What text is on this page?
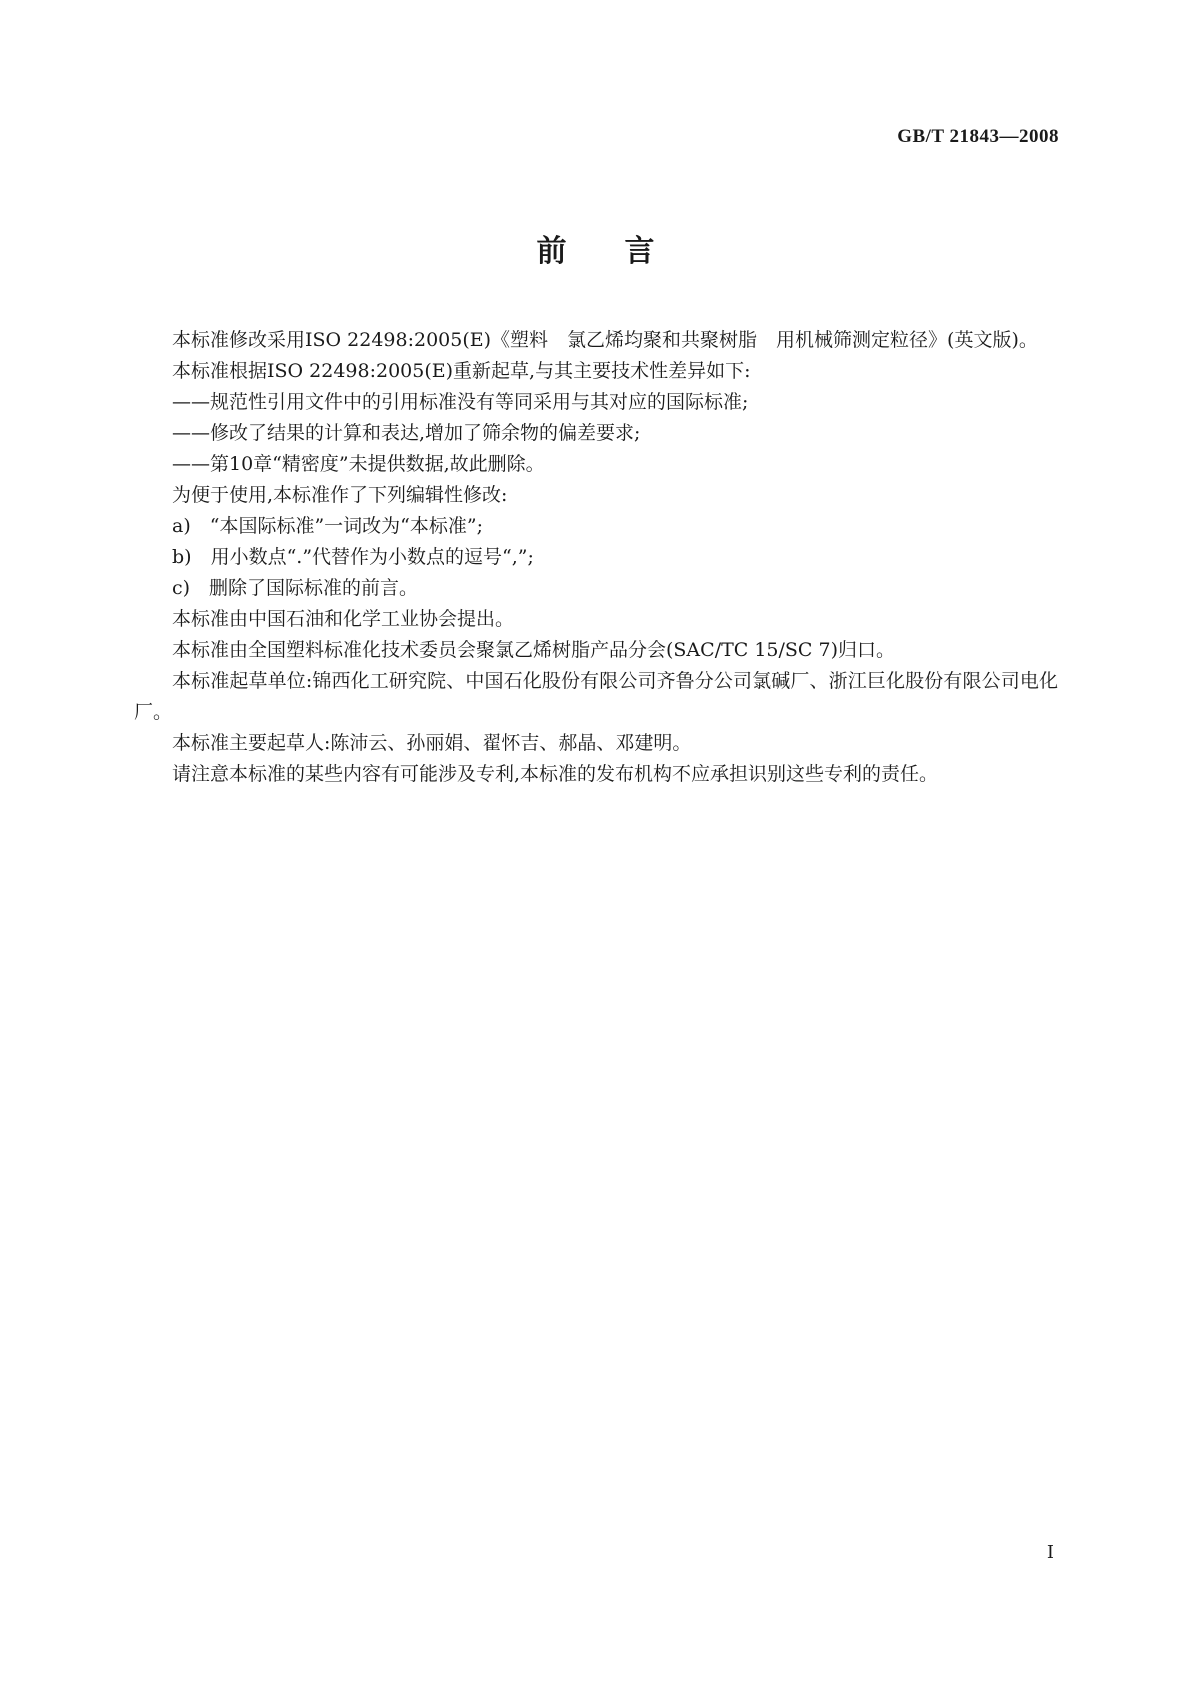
GB/T 21843—2008
前言

本标准修改采用ISO 22498:2005(E)《塑料　氯乙烯均聚和共聚树脂　用机械筛测定粒径》(英文版)。

本标准根据ISO 22498:2005(E)重新起草,与其主要技术性差异如下:

——规范性引用文件中的引用标准没有等同采用与其对应的国际标准;

——修改了结果的计算和表达,增加了筛余物的偏差要求;

——第10章“精密度”未提供数据,故此删除。

为便于使用,本标准作了下列编辑性修改:

a)　“本国际标准”一词改为“本标准”;

b)　用小数点“.”代替作为小数点的逗号“,”;

c)　删除了国际标准的前言。

本标准由中国石油和化学工业协会提出。

本标准由全国塑料标准化技术委员会聚氯乙烯树脂产品分会(SAC/TC 15/SC 7)归口。

本标准起草单位:锦西化工研究院、中国石化股份有限公司齐鲁分公司氯碱厂、浙江巨化股份有限公司电化厂。

本标准主要起草人:陈沛云、孙丽娟、翟怀吉、郝晶、邓建明。

请注意本标准的某些内容有可能涉及专利,本标准的发布机构不应承担识别这些专利的责任。

Ⅰ
